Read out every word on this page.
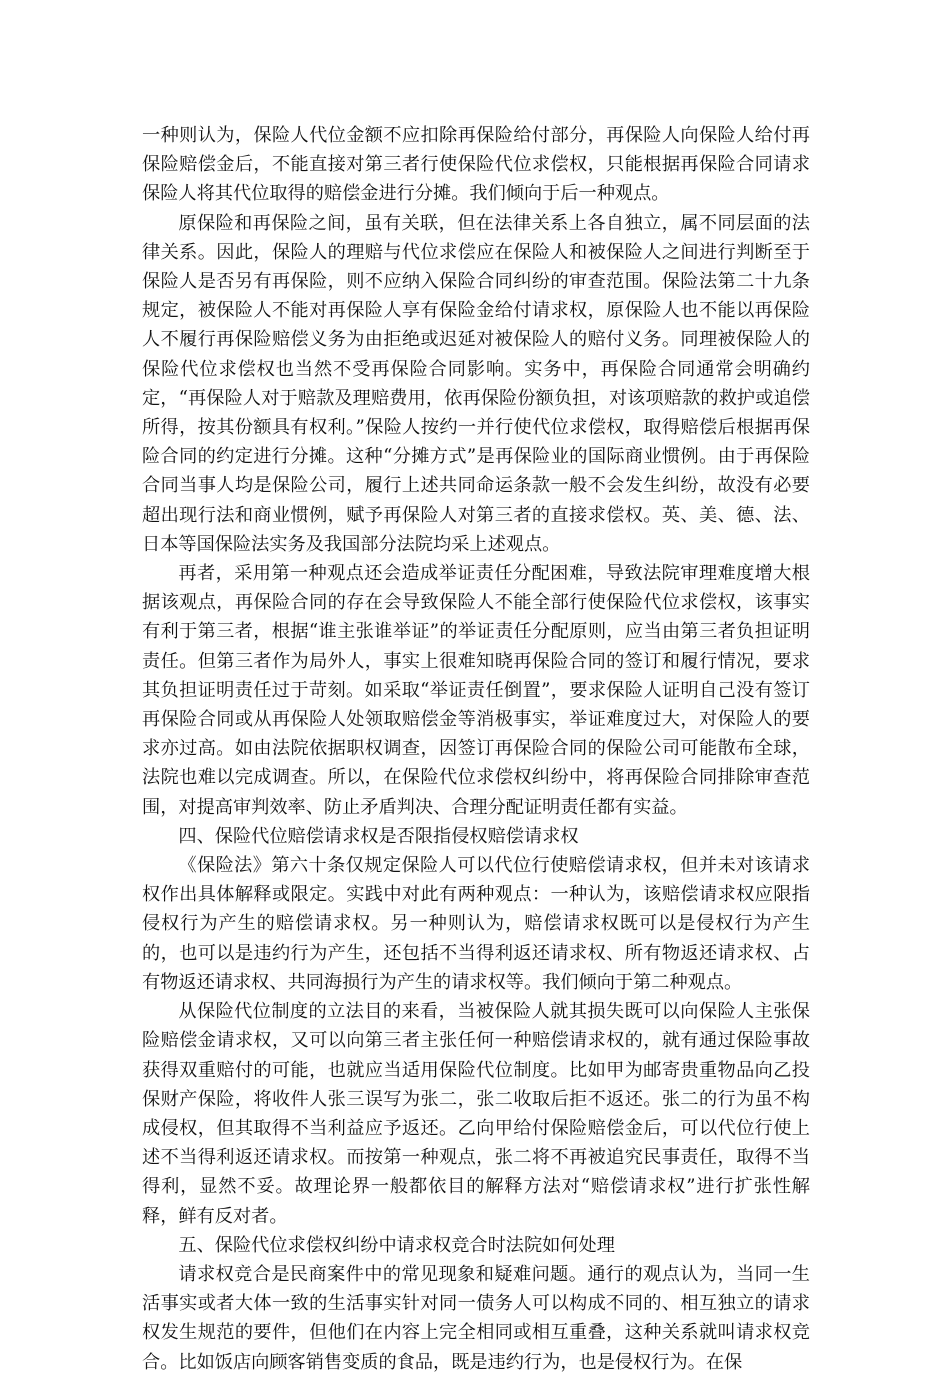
一种则认为，保险人代位金额不应扣除再保险给付部分，再保险人向保险人给付再保险赔偿金后，不能直接对第三者行使保险代位求偿权，只能根据再保险合同请求保险人将其代位取得的赔偿金进行分摊。我们倾向于后一种观点。

原保险和再保险之间，虽有关联，但在法律关系上各自独立，属不同层面的法律关系。因此，保险人的理赔与代位求偿应在保险人和被保险人之间进行判断至于保险人是否另有再保险，则不应纳入保险合同纠纷的审查范围。保险法第二十九条规定，被保险人不能对再保险人享有保险金给付请求权，原保险人也不能以再保险人不履行再保险赔偿义务为由拒绝或迟延对被保险人的赔付义务。同理被保险人的保险代位求偿权也当然不受再保险合同影响。实务中，再保险合同通常会明确约定，“再保险人对于赔款及理赔费用，依再保险份额负担，对该项赔款的救护或追偿所得，按其份额具有权利。”保险人按约一并行使代位求偿权，取得赔偿后根据再保险合同的约定进行分摊。这种“分摊方式”是再保险业的国际商业惯例。由于再保险合同当事人均是保险公司，履行上述共同命运条款一般不会发生纠纷，故没有必要超出现行法和商业惯例，赋予再保险人对第三者的直接求偿权。英、美、德、法、日本等国保险法实务及我国部分法院均采上述观点。

再者，采用第一种观点还会造成举证责任分配困难，导致法院审理难度增大根据该观点，再保险合同的存在会导致保险人不能全部行使保险代位求偿权，该事实有利于第三者，根据“谁主张谁举证”的举证责任分配原则，应当由第三者负担证明责任。但第三者作为局外人，事实上很难知晓再保险合同的签订和履行情况，要求其负担证明责任过于苛刻。如采取“举证责任倒置”，要求保险人证明自己没有签订再保险合同或从再保险人处领取赔偿金等消极事实，举证难度过大，对保险人的要求亦过高。如由法院依据职权调查，因签订再保险合同的保险公司可能散布全球，法院也难以完成调查。所以，在保险代位求偿权纠纷中，将再保险合同排除审查范围，对提高审判效率、防止矛盾判决、合理分配证明责任都有实益。

四、保险代位赔偿请求权是否限指侵权赔偿请求权

《保险法》第六十条仅规定保险人可以代位行使赔偿请求权，但并未对该请求权作出具体解释或限定。实践中对此有两种观点：一种认为，该赔偿请求权应限指侵权行为产生的赔偿请求权。另一种则认为，赔偿请求权既可以是侵权行为产生的，也可以是违约行为产生，还包括不当得利返还请求权、所有物返还请求权、占有物返还请求权、共同海损行为产生的请求权等。我们倾向于第二种观点。

从保险代位制度的立法目的来看，当被保险人就其损失既可以向保险人主张保险赔偿金请求权，又可以向第三者主张任何一种赔偿请求权的，就有通过保险事故获得双重赔付的可能，也就应当适用保险代位制度。比如甲为邮寄贵重物品向乙投保财产保险，将收件人张三误写为张二，张二收取后拒不返还。张二的行为虽不构成侵权，但其取得不当利益应予返还。乙向甲给付保险赔偿金后，可以代位行使上述不当得利返还请求权。而按第一种观点，张二将不再被追究民事责任，取得不当得利，显然不妥。故理论界一般都依目的解释方法对“赔偿请求权”进行扩张性解释，鲜有反对者。

五、保险代位求偿权纠纷中请求权竞合时法院如何处理

请求权竞合是民商案件中的常见现象和疑难问题。通行的观点认为，当同一生活事实或者大体一致的生活事实针对同一债务人可以构成不同的、相互独立的请求权发生规范的要件，但他们在内容上完全相同或相互重叠，这种关系就叫请求权竞合。比如饭店向顾客销售变质的食品，既是违约行为，也是侵权行为。在保
